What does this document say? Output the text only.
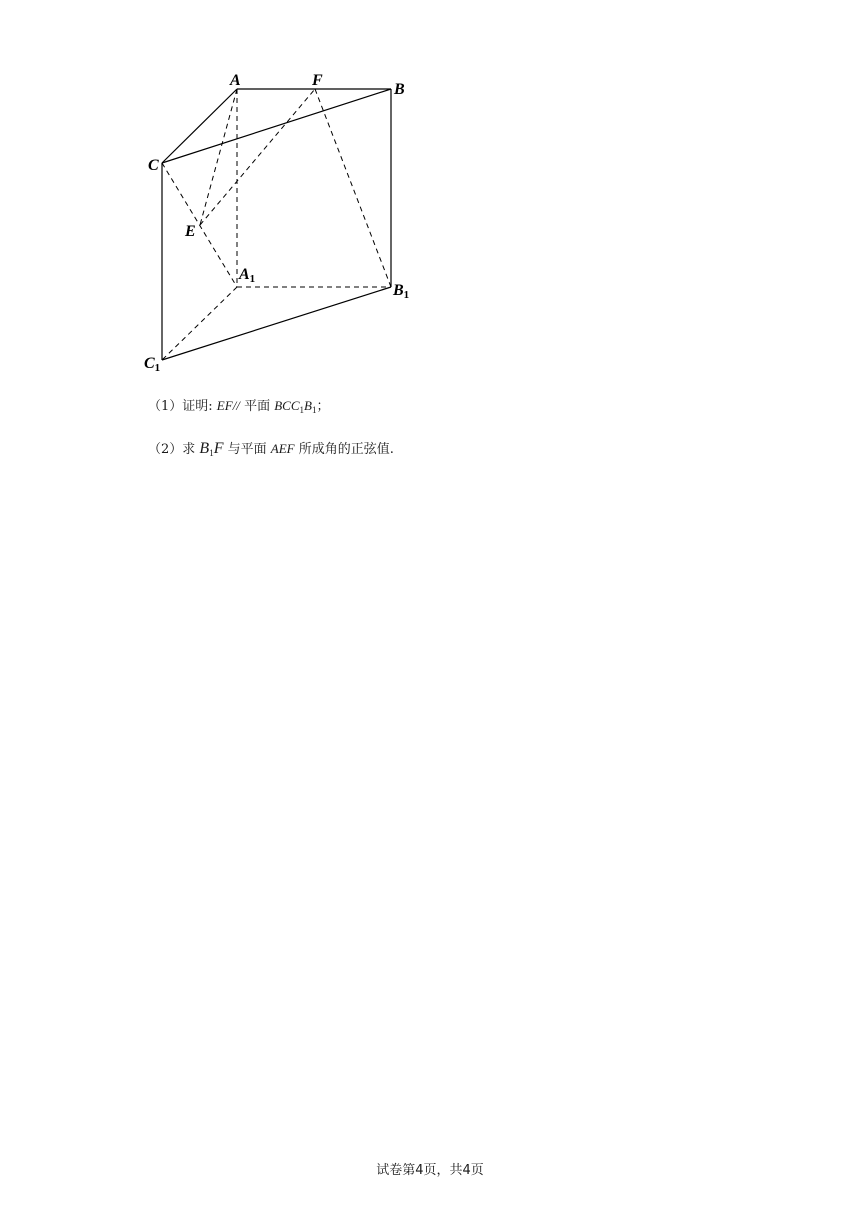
A	F
B
C
E
A1
B1
C1
（1）证明: EF// 平面 $BCC_1B_1$；
（2）求 $B_1F$ 与平面 AEF 所成角的正弦值.
试卷第4页，共4页
